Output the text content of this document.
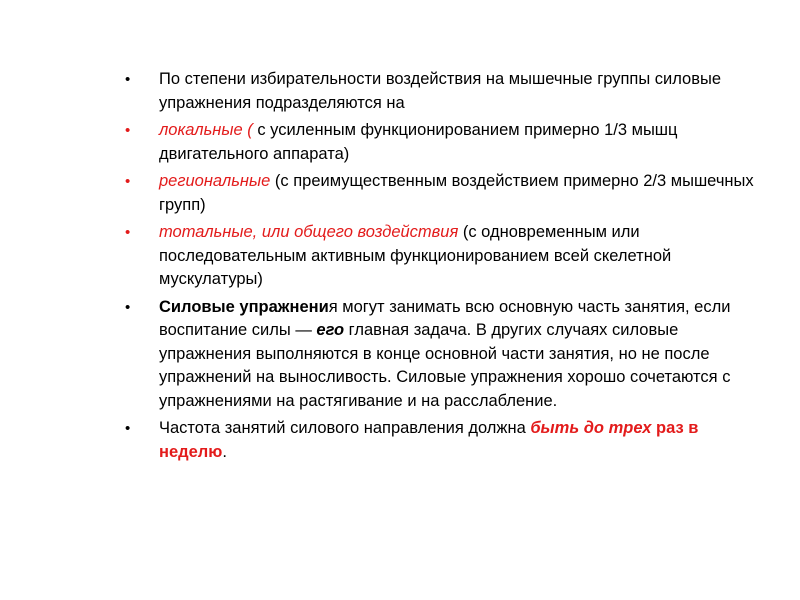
• По степени избирательности воздействия на мышечные группы силовые упражнения подразделяются на
• локальные ( с усиленным функционированием примерно 1/3 мышц двигательного аппарата)
• региональные (с преимущественным воздействием примерно 2/3 мышечных групп)
• тотальные, или общего воздействия (с одновременным или последовательным активным функционированием всей скелетной мускулатуры)
• Силовые упражнения могут занимать всю основную часть занятия, если воспитание силы — его главная задача. В других случаях силовые упражнения выполняются в конце основной части занятия, но не после упражнений на выносливость. Силовые упражнения хорошо сочетаются с упражнениями на растягивание и на расслабление.
• Частота занятий силового направления должна быть до трех раз в неделю.
